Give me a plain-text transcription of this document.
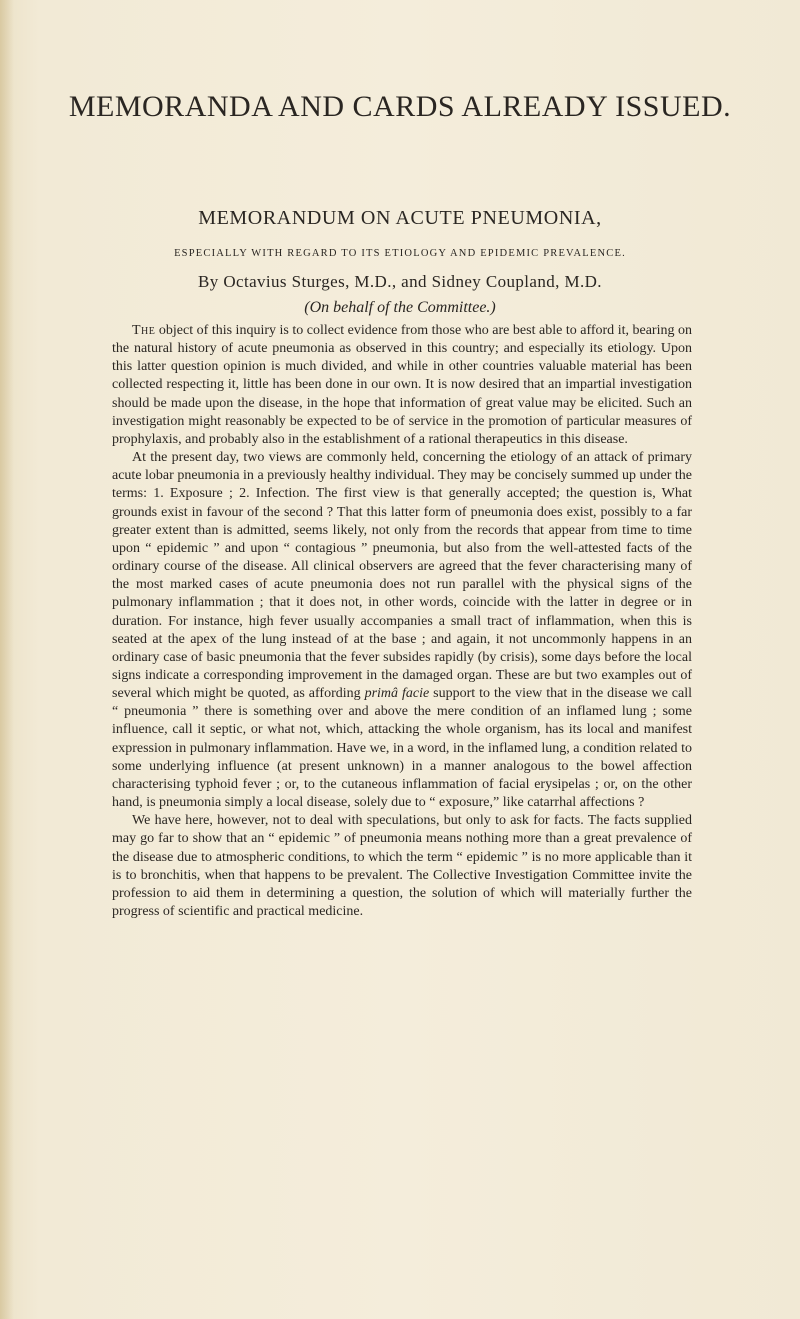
MEMORANDA AND CARDS ALREADY ISSUED.
MEMORANDUM ON ACUTE PNEUMONIA,
ESPECIALLY WITH REGARD TO ITS ETIOLOGY AND EPIDEMIC PREVALENCE.
By Octavius Sturges, M.D., and Sidney Coupland, M.D.
(On behalf of the Committee.)

The object of this inquiry is to collect evidence from those who are best able to afford it, bearing on the natural history of acute pneumonia as observed in this country; and especially its etiology. Upon this latter question opinion is much divided, and while in other countries valuable material has been collected respecting it, little has been done in our own. It is now desired that an impartial investigation should be made upon the disease, in the hope that information of great value may be elicited. Such an investigation might reasonably be expected to be of service in the promotion of particular measures of prophylaxis, and probably also in the establishment of a rational therapeutics in this disease.

At the present day, two views are commonly held, concerning the etiology of an attack of primary acute lobar pneumonia in a previously healthy individual. They may be concisely summed up under the terms: 1. Exposure ; 2. Infection. The first view is that generally accepted; the question is, What grounds exist in favour of the second ? That this latter form of pneumonia does exist, possibly to a far greater extent than is admitted, seems likely, not only from the records that appear from time to time upon “ epidemic ” and upon “ contagious ” pneumonia, but also from the well-attested facts of the ordinary course of the disease. All clinical observers are agreed that the fever characterising many of the most marked cases of acute pneumonia does not run parallel with the physical signs of the pulmonary inflammation ; that it does not, in other words, coincide with the latter in degree or in duration. For instance, high fever usually accompanies a small tract of inflammation, when this is seated at the apex of the lung instead of at the base ; and again, it not uncommonly happens in an ordinary case of basic pneumonia that the fever subsides rapidly (by crisis), some days before the local signs indicate a corresponding improvement in the damaged organ. These are but two examples out of several which might be quoted, as affording primâ facie support to the view that in the disease we call “ pneumonia ” there is something over and above the mere condition of an inflamed lung ; some influence, call it septic, or what not, which, attacking the whole organism, has its local and manifest expression in pulmonary inflammation. Have we, in a word, in the inflamed lung, a condition related to some underlying influence (at present unknown) in a manner analogous to the bowel affection characterising typhoid fever ; or, to the cutaneous inflammation of facial erysipelas ; or, on the other hand, is pneumonia simply a local disease, solely due to “ exposure,” like catarrhal affections ?

We have here, however, not to deal with speculations, but only to ask for facts. The facts supplied may go far to show that an “ epidemic ” of pneumonia means nothing more than a great prevalence of the disease due to atmospheric conditions, to which the term “ epidemic ” is no more applicable than it is to bronchitis, when that happens to be prevalent. The Collective Investigation Committee invite the profession to aid them in determining a question, the solution of which will materially further the progress of scientific and practical medicine.
